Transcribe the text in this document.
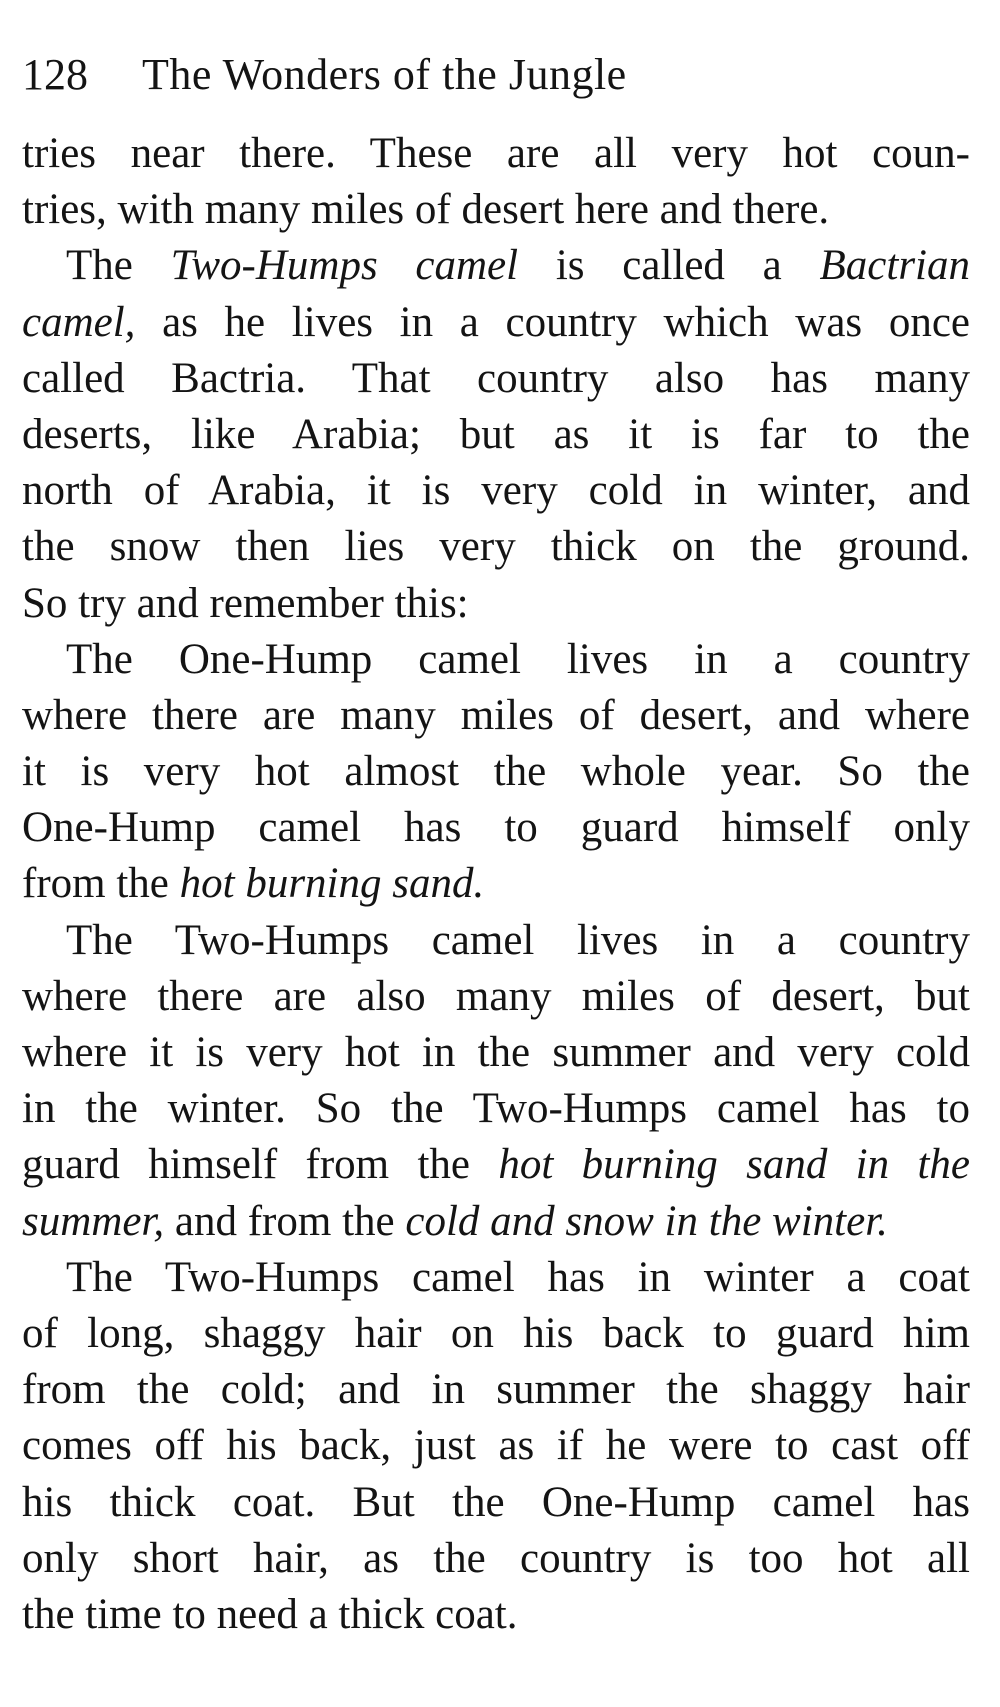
128 The Wonders of the Jungle
tries near there. These are all very hot coun-
tries, with many miles of desert here and there.
The Two-Humps camel is called a Bactrian
camel, as he lives in a country which was once
called Bactria. That country also has many
deserts, like Arabia; but as it is far to the
north of Arabia, it is very cold in winter, and
the snow then lies very thick on the ground.
So try and remember this:
The One-Hump camel lives in a country
where there are many miles of desert, and where
it is very hot almost the whole year. So the
One-Hump camel has to guard himself only
from the hot burning sand.
The Two-Humps camel lives in a country
where there are also many miles of desert, but
where it is very hot in the summer and very cold
in the winter. So the Two-Humps camel has to
guard himself from the hot burning sand in the
summer, and from the cold and snow in the winter.
The Two-Humps camel has in winter a coat
of long, shaggy hair on his back to guard him
from the cold; and in summer the shaggy hair
comes off his back, just as if he were to cast off
his thick coat. But the One-Hump camel has
only short hair, as the country is too hot all
the time to need a thick coat.
